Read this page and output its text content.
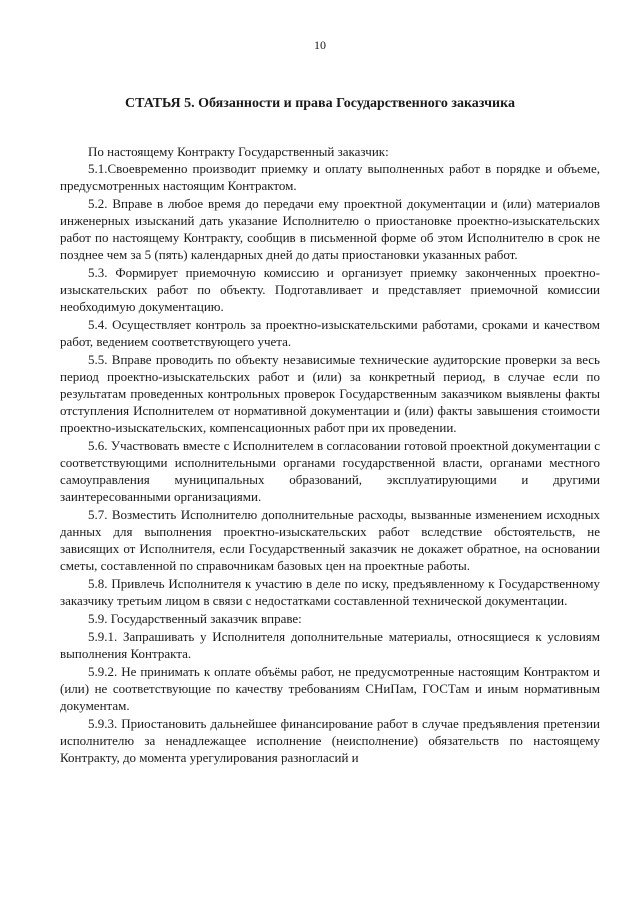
10
СТАТЬЯ 5. Обязанности и права Государственного заказчика

По настоящему Контракту Государственный заказчик:

5.1.Своевременно производит приемку и оплату выполненных работ в порядке и объеме, предусмотренных настоящим Контрактом.

5.2. Вправе в любое время до передачи ему проектной документации и (или) материалов инженерных изысканий дать указание Исполнителю о приостановке проектно-изыскательских работ по настоящему Контракту, сообщив в письменной форме об этом Исполнителю в срок не позднее чем за 5 (пять) календарных дней до даты приостановки указанных работ.

5.3. Формирует приемочную комиссию и организует приемку законченных проектно-изыскательских работ по объекту. Подготавливает и представляет приемочной комиссии необходимую документацию.

5.4. Осуществляет контроль за проектно-изыскательскими работами, сроками и качеством работ, ведением соответствующего учета.

5.5. Вправе проводить по объекту независимые технические аудиторские проверки за весь период проектно-изыскательских работ и (или) за конкретный период, в случае если по результатам проведенных контрольных проверок Государственным заказчиком выявлены факты отступления Исполнителем от нормативной документации и (или) факты завышения стоимости проектно-изыскательских, компенсационных работ при их проведении.

5.6. Участвовать вместе с Исполнителем в согласовании готовой проектной документации с соответствующими исполнительными органами государственной власти, органами местного самоуправления муниципальных образований, эксплуатирующими и другими заинтересованными организациями.

5.7. Возместить Исполнителю дополнительные расходы, вызванные изменением исходных данных для выполнения проектно-изыскательских работ вследствие обстоятельств, не зависящих от Исполнителя, если Государственный заказчик не докажет обратное, на основании сметы, составленной по справочникам базовых цен на проектные работы.

5.8. Привлечь Исполнителя к участию в деле по иску, предъявленному к Государственному заказчику третьим лицом в связи с недостатками составленной технической документации.

5.9. Государственный заказчик вправе:

5.9.1. Запрашивать у Исполнителя дополнительные материалы, относящиеся к условиям выполнения Контракта.

5.9.2. Не принимать к оплате объёмы работ, не предусмотренные настоящим Контрактом и (или) не соответствующие по качеству требованиям СНиПам, ГОСТам и иным нормативным документам.

5.9.3. Приостановить дальнейшее финансирование работ в случае предъявления претензии исполнителю за ненадлежащее исполнение (неисполнение) обязательств по настоящему Контракту, до момента урегулирования разногласий и
